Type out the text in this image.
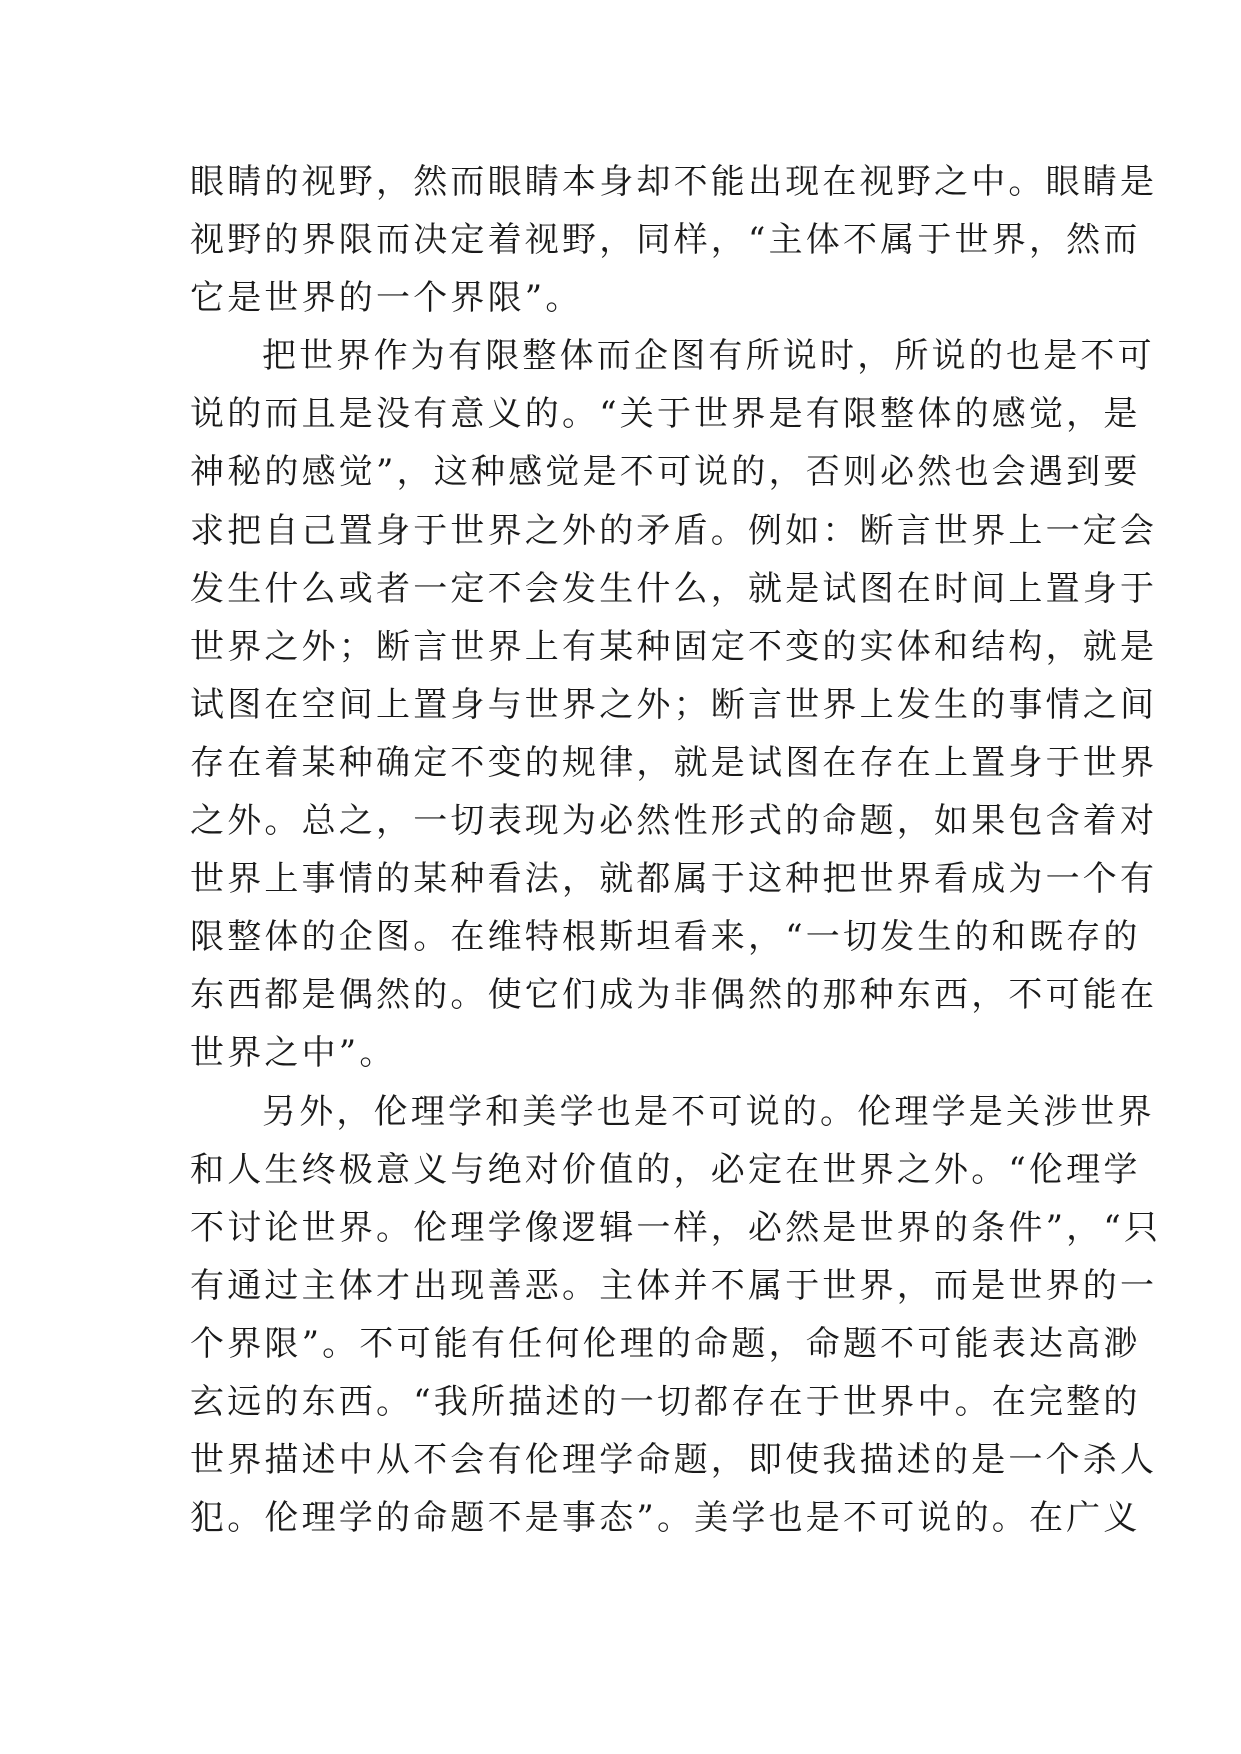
眼睛的视野，然而眼睛本身却不能出现在视野之中。眼睛是
视野的界限而决定着视野，同样，“主体不属于世界，然而
它是世界的一个界限”。
把世界作为有限整体而企图有所说时，所说的也是不可
说的而且是没有意义的。“关于世界是有限整体的感觉，是
神秘的感觉”，这种感觉是不可说的，否则必然也会遇到要
求把自己置身于世界之外的矛盾。例如：断言世界上一定会
发生什么或者一定不会发生什么，就是试图在时间上置身于
世界之外；断言世界上有某种固定不变的实体和结构，就是
试图在空间上置身与世界之外；断言世界上发生的事情之间
存在着某种确定不变的规律，就是试图在存在上置身于世界
之外。总之，一切表现为必然性形式的命题，如果包含着对
世界上事情的某种看法，就都属于这种把世界看成为一个有
限整体的企图。在维特根斯坦看来，“一切发生的和既存的
东西都是偶然的。使它们成为非偶然的那种东西，不可能在
世界之中”。
另外，伦理学和美学也是不可说的。伦理学是关涉世界
和人生终极意义与绝对价值的，必定在世界之外。“伦理学
不讨论世界。伦理学像逻辑一样，必然是世界的条件”，“只
有通过主体才出现善恶。主体并不属于世界，而是世界的一
个界限”。不可能有任何伦理的命题，命题不可能表达高渺
玄远的东西。“我所描述的一切都存在于世界中。在完整的
世界描述中从不会有伦理学命题，即使我描述的是一个杀人
犯。伦理学的命题不是事态”。美学也是不可说的。在广义
